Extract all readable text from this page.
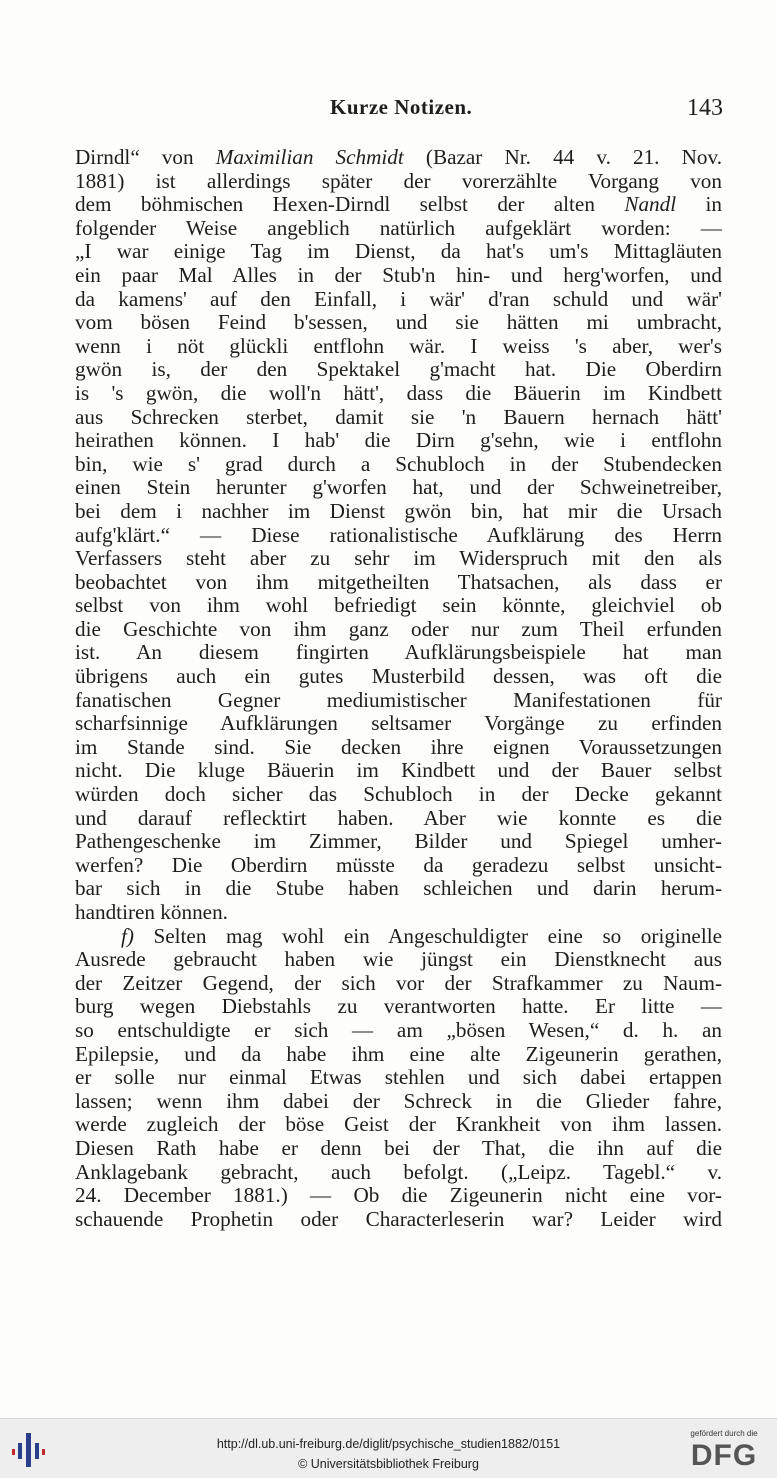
Kurze Notizen.	143
Dirndl“ von Maximilian Schmidt (Bazar Nr. 44 v. 21. Nov.
1881) ist allerdings später der vorerzählte Vorgang von
dem böhmischen Hexen-Dirndl selbst der alten Nandl in
folgender Weise angeblich natürlich aufgeklärt worden: —
„I war einige Tag im Dienst, da hat's um's Mittagläuten
ein paar Mal Alles in der Stub'n hin- und herg'worfen, und
da kamens' auf den Einfall, i wär' d'ran schuld und wär'
vom bösen Feind b'sessen, und sie hätten mi umbracht,
wenn i nöt glückli entflohn wär. I weiss 's aber, wer's
gwön is, der den Spektakel g'macht hat. Die Oberdirn
is 's gwön, die woll'n hätt', dass die Bäuerin im Kindbett
aus Schrecken sterbet, damit sie 'n Bauern hernach hätt'
heirathen können. I hab' die Dirn g'sehn, wie i entflohn
bin, wie s' grad durch a Schubloch in der Stubendecken
einen Stein herunter g'worfen hat, und der Schweinetreiber,
bei dem i nachher im Dienst gwön bin, hat mir die Ursach
aufg'klärt.“ — Diese rationalistische Aufklärung des Herrn
Verfassers steht aber zu sehr im Widerspruch mit den als
beobachtet von ihm mitgetheilten Thatsachen, als dass er
selbst von ihm wohl befriedigt sein könnte, gleichviel ob
die Geschichte von ihm ganz oder nur zum Theil erfunden
ist. An diesem fingirten Aufklärungsbeispiele hat man
übrigens auch ein gutes Musterbild dessen, was oft die
fanatischen Gegner mediumistischer Manifestationen für
scharfsinnige Aufklärungen seltsamer Vorgänge zu erfinden
im Stande sind. Sie decken ihre eignen Voraussetzungen
nicht. Die kluge Bäuerin im Kindbett und der Bauer selbst
würden doch sicher das Schubloch in der Decke gekannt
und darauf reflecktirt haben. Aber wie konnte es die
Pathengeschenke im Zimmer, Bilder und Spiegel umher-
werfen? Die Oberdirn müsste da geradezu selbst unsicht-
bar sich in die Stube haben schleichen und darin herum-
handtiren können.
f) Selten mag wohl ein Angeschuldigter eine so originelle
Ausrede gebraucht haben wie jüngst ein Dienstknecht aus
der Zeitzer Gegend, der sich vor der Strafkammer zu Naum-
burg wegen Diebstahls zu verantworten hatte. Er litte —
so entschuldigte er sich — am „bösen Wesen,“ d. h. an
Epilepsie, und da habe ihm eine alte Zigeunerin gerathen,
er solle nur einmal Etwas stehlen und sich dabei ertappen
lassen; wenn ihm dabei der Schreck in die Glieder fahre,
werde zugleich der böse Geist der Krankheit von ihm lassen.
Diesen Rath habe er denn bei der That, die ihn auf die
Anklagebank gebracht, auch befolgt. („Leipz. Tagebl.“ v.
24. December 1881.) — Ob die Zigeunerin nicht eine vor-
schauende Prophetin oder Characterleserin war? Leider wird
http://dl.ub.uni-freiburg.de/diglit/psychische_studien1882/0151
© Universitätsbibliothek Freiburg
gefördert durch die
DFG
